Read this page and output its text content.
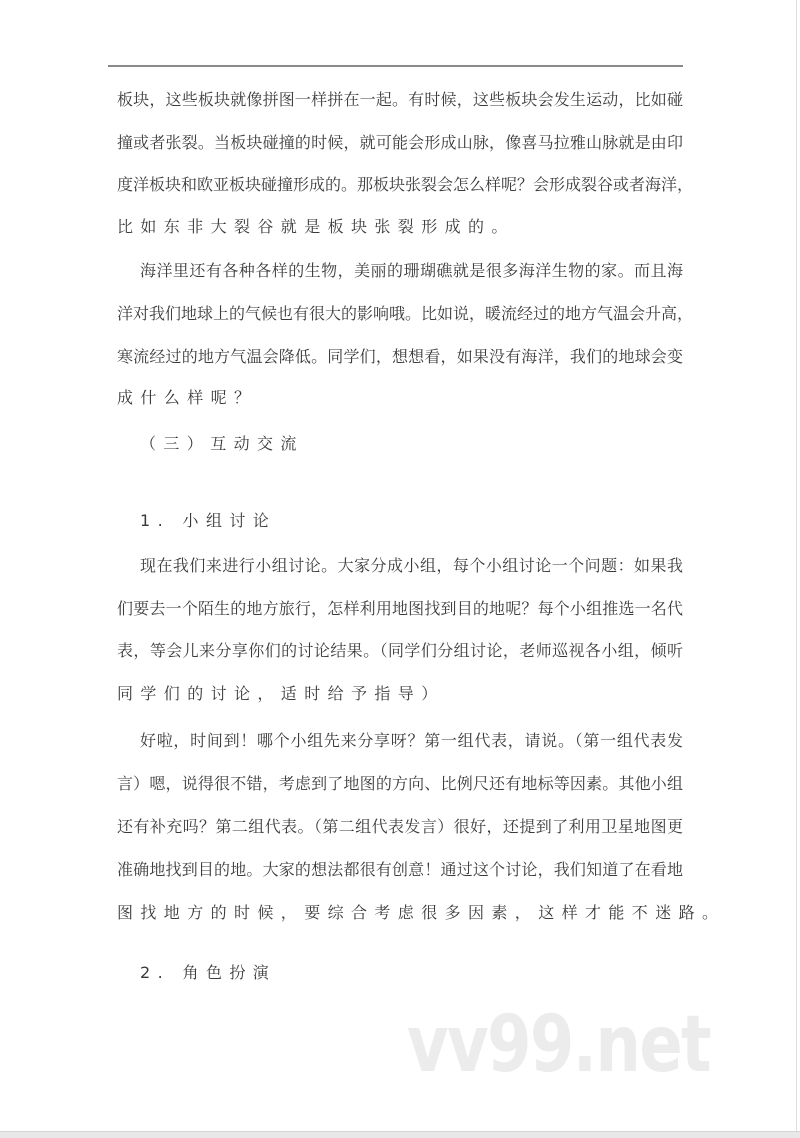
板块，这些板块就像拼图一样拼在一起。有时候，这些板块会发生运动，比如碰
撞或者张裂。当板块碰撞的时候，就可能会形成山脉，像喜马拉雅山脉就是由印
度洋板块和欧亚板块碰撞形成的。那板块张裂会怎么样呢？会形成裂谷或者海洋，
比如东非大裂谷就是板块张裂形成的。
海洋里还有各种各样的生物，美丽的珊瑚礁就是很多海洋生物的家。而且海
洋对我们地球上的气候也有很大的影响哦。比如说，暖流经过的地方气温会升高，
寒流经过的地方气温会降低。同学们，想想看，如果没有海洋，我们的地球会变
成什么样呢？
（三）互动交流
1. 小组讨论
现在我们来进行小组讨论。大家分成小组，每个小组讨论一个问题：如果我
们要去一个陌生的地方旅行，怎样利用地图找到目的地呢？每个小组推选一名代
表，等会儿来分享你们的讨论结果。（同学们分组讨论，老师巡视各小组，倾听
同学们的讨论，适时给予指导）
好啦，时间到！哪个小组先来分享呀？第一组代表，请说。（第一组代表发
言）嗯，说得很不错，考虑到了地图的方向、比例尺还有地标等因素。其他小组
还有补充吗？第二组代表。（第二组代表发言）很好，还提到了利用卫星地图更
准确地找到目的地。大家的想法都很有创意！通过这个讨论，我们知道了在看地
图找地方的时候，要综合考虑很多因素，这样才能不迷路。
2. 角色扮演
vv99.net
